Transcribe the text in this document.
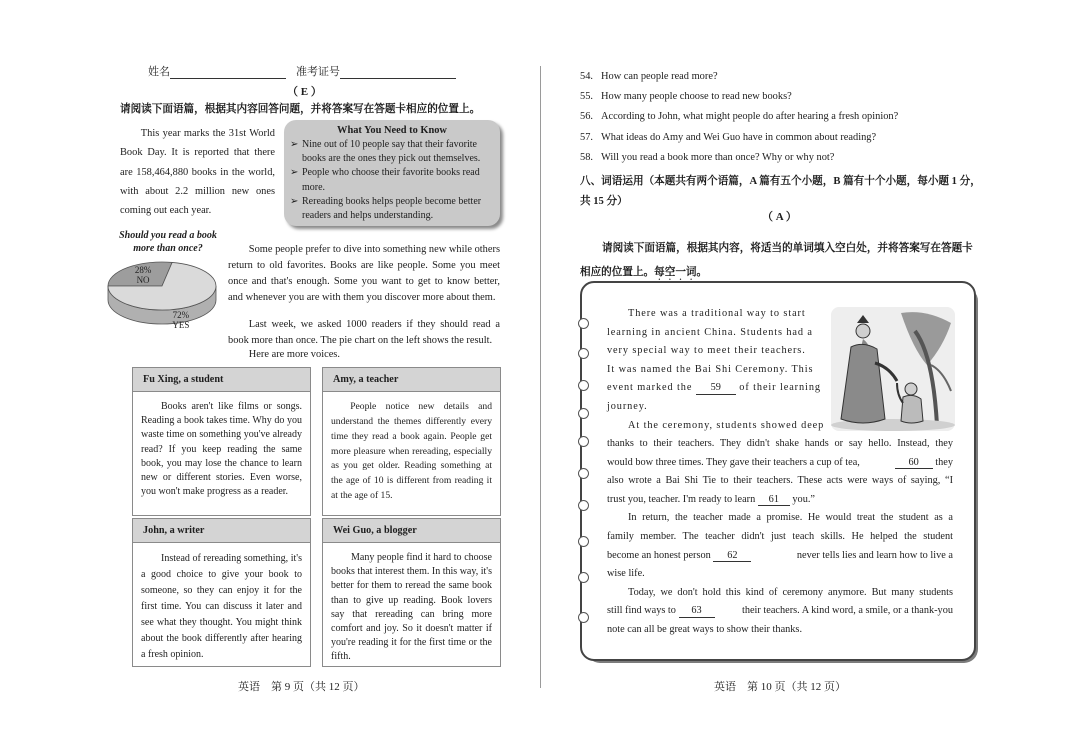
姓名	准考证号
（ E ）
请阅读下面语篇，根据其内容回答问题，并将答案写在答题卡相应的位置上。

This year marks the 31st World Book Day. It is reported that there are 158,464,880 books in the world, with about 2.2 million new ones coming out each year.

What You Need to Know
➢ Nine out of 10 people say that their favorite books are the ones they pick out themselves.
➢ People who choose their favorite books read more.
➢ Rereading books helps people become better readers and helps understanding.
Should you read a book more than once?
28%
NO
72%
YES

Some people prefer to dive into something new while others return to old favorites. Books are like people. Some you meet once and that's enough. Some you want to get to know better, and whenever you are with them you discover more about them.

Last week, we asked 1000 readers if they should read a book more than once. The pie chart on the left shows the result.

Here are more voices.

Fu Xing, a student
Books aren't like films or songs. Reading a book takes time. Why do you waste time on something you've already read? If you keep reading the same book, you may lose the chance to learn new or different stories. Even worse, you won't make progress as a reader.
Amy, a teacher
People notice new details and understand the themes differently every time they read a book again. People get more pleasure when rereading, especially as you get older. Reading something at the age of 10 is different from reading it at the age of 15.
John, a writer
Instead of rereading something, it's a good choice to give your book to someone, so they can enjoy it for the first time. You can discuss it later and see what they thought. You might think about the book differently after hearing a fresh opinion.
Wei Guo, a blogger
Many people find it hard to choose books that interest them. In this way, it's better for them to reread the same book than to give up reading. Book lovers say that rereading can bring more comfort and joy. So it doesn't matter if you're reading it for the first time or the fifth.
英语　第 9 页（共 12 页）
54. How can people read more?
55. How many people choose to read new books?
56. According to John, what might people do after hearing a fresh opinion?
57. What ideas do Amy and Wei Guo have in common about reading?
58. Will you read a book more than once? Why or why not?
八、词语运用（本题共有两个语篇，A 篇有五个小题，B 篇有十个小题，每小题 1 分，
共 15 分）
（ A ）
请阅读下面语篇，根据其内容，将适当的单词填入空白处，并将答案写在答题卡
相应的位置上。每空一词。
There was a traditional way to start
learning in ancient China. Students had a
very special way to meet their teachers.
It was named the Bai Shi Ceremony. This
event marked the 59 of their learning
journey.
At the ceremony, students showed deep
thanks to their teachers. They didn't shake hands or say hello. Instead, they
would bow three times. They gave their teachers a cup of tea,	60 they
also wrote a Bai Shi Tie to their teachers. These acts were ways of saying, “I
trust you, teacher. I'm ready to learn 61 you.”
In return, the teacher made a promise. He would treat the student as a
family member. The teacher didn't just teach skills. He helped the student
become an honest person 62	never tells lies and learn how to live a
wise life.
Today, we don't hold this kind of ceremony anymore. But many students
still find ways to 63	their teachers. A kind word, a smile, or a thank-you
note can all be great ways to show their thanks.
英语　第 10 页（共 12 页）
